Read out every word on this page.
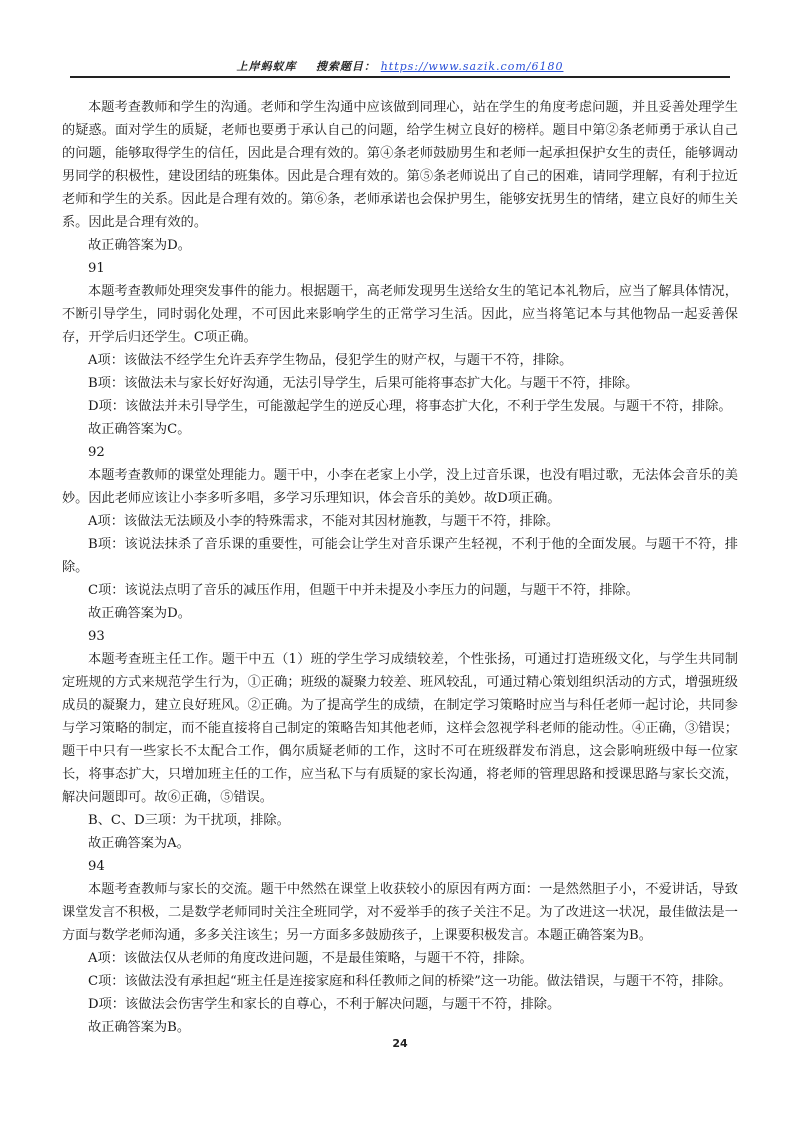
上岸蚂蚁库 搜索题目： https://www.sazik.com/6180

本题考查教师和学生的沟通。老师和学生沟通中应该做到同理心，站在学生的角度考虑问题，并且妥善处理学生的疑惑。面对学生的质疑，老师也要勇于承认自己的问题，给学生树立良好的榜样。题目中第②条老师勇于承认自己的问题，能够取得学生的信任，因此是合理有效的。第④条老师鼓励男生和老师一起承担保护女生的责任，能够调动男同学的积极性，建设团结的班集体。因此是合理有效的。第⑤条老师说出了自己的困难，请同学理解，有利于拉近老师和学生的关系。因此是合理有效的。第⑥条，老师承诺也会保护男生，能够安抚男生的情绪，建立良好的师生关系。因此是合理有效的。

故正确答案为D。

91

本题考查教师处理突发事件的能力。根据题干，高老师发现男生送给女生的笔记本礼物后，应当了解具体情况，不断引导学生，同时弱化处理，不可因此来影响学生的正常学习生活。因此，应当将笔记本与其他物品一起妥善保存，开学后归还学生。C项正确。

A项：该做法不经学生允许丢弃学生物品，侵犯学生的财产权，与题干不符，排除。

B项：该做法未与家长好好沟通，无法引导学生，后果可能将事态扩大化。与题干不符，排除。

D项：该做法并未引导学生，可能激起学生的逆反心理，将事态扩大化，不利于学生发展。与题干不符，排除。

故正确答案为C。

92

本题考查教师的课堂处理能力。题干中，小李在老家上小学，没上过音乐课，也没有唱过歌，无法体会音乐的美妙。因此老师应该让小李多听多唱，多学习乐理知识，体会音乐的美妙。故D项正确。

A项：该做法无法顾及小李的特殊需求，不能对其因材施教，与题干不符，排除。

B项：该说法抹杀了音乐课的重要性，可能会让学生对音乐课产生轻视，不利于他的全面发展。与题干不符，排除。

C项：该说法点明了音乐的减压作用，但题干中并未提及小李压力的问题，与题干不符，排除。

故正确答案为D。

93

本题考查班主任工作。题干中五（1）班的学生学习成绩较差，个性张扬，可通过打造班级文化，与学生共同制定班规的方式来规范学生行为，①正确；班级的凝聚力较差、班风较乱，可通过精心策划组织活动的方式，增强班级成员的凝聚力，建立良好班风。②正确。为了提高学生的成绩，在制定学习策略时应当与科任老师一起讨论，共同参与学习策略的制定，而不能直接将自己制定的策略告知其他老师，这样会忽视学科老师的能动性。④正确，③错误；题干中只有一些家长不太配合工作，偶尔质疑老师的工作，这时不可在班级群发布消息，这会影响班级中每一位家长，将事态扩大，只增加班主任的工作，应当私下与有质疑的家长沟通，将老师的管理思路和授课思路与家长交流，解决问题即可。故⑥正确，⑤错误。

B、C、D三项：为干扰项，排除。

故正确答案为A。

94

本题考查教师与家长的交流。题干中然然在课堂上收获较小的原因有两方面：一是然然胆子小，不爱讲话，导致课堂发言不积极，二是数学老师同时关注全班同学，对不爱举手的孩子关注不足。为了改进这一状况，最佳做法是一方面与数学老师沟通，多多关注该生；另一方面多多鼓励孩子，上课要积极发言。本题正确答案为B。

A项：该做法仅从老师的角度改进问题，不是最佳策略，与题干不符，排除。

C项：该做法没有承担起“班主任是连接家庭和科任教师之间的桥梁”这一功能。做法错误，与题干不符，排除。

D项：该做法会伤害学生和家长的自尊心，不利于解决问题，与题干不符，排除。

故正确答案为B。

24
